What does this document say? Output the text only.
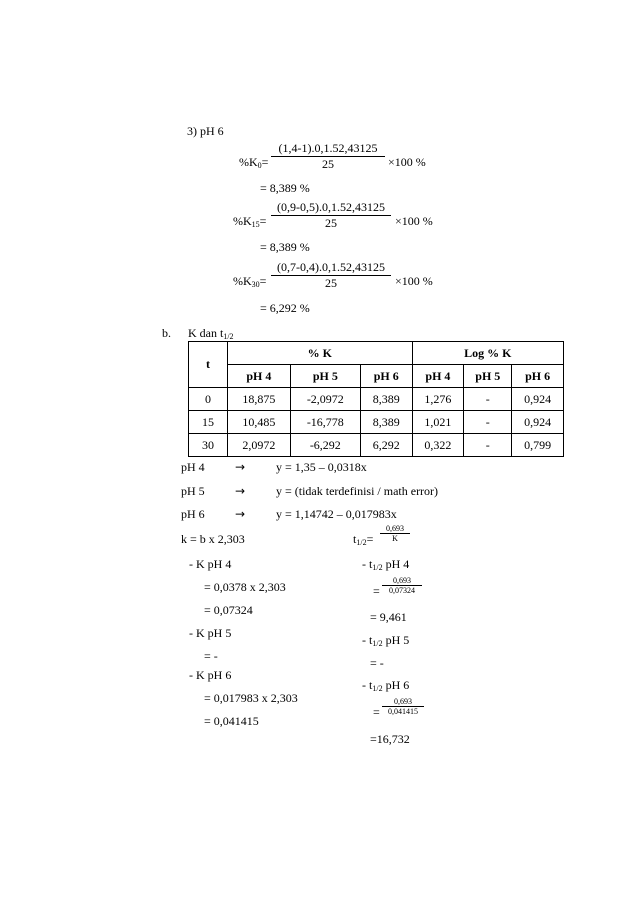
3) pH 6
$\%K_0=$
(1,4-1).0,1.52,43125
25	×100 %
= 8,389 %
$\%K_{15}=$
(0,9-0,5).0,1.52,43125
25	×100 %
= 8,389 %
$\%K_{30}=$
(0,7-0,4).0,1.52,43125
25	×100 %
= 6,292 %
b. K dan $t_{1/2}$
t	% K			Log % K		
	pH 4	pH 5	pH 6	pH 4	pH 5	pH 6
0	18,875	-2,0972	8,389	1,276	-	0,924
15	10,485	-16,778	8,389	1,021	-	0,924
30	2,0972	-6,292	6,292	0,322	-	0,799
pH 4	→	y = 1,35 – 0,0318x
pH 5	→	y = (tidak terdefinisi / math error)
pH 6	→	y = 1,14742 – 0,017983x
k = b x 2,303
- K pH 4
= 0,0378 x 2,303
= 0,07324
- K pH 5
= -
- K pH 6
= 0,017983 x 2,303
= 0,041415
$t_{1/2}=$
0,693
K
- $t_{1/2}$ pH 4
=
0,693
0,07324
= 9,461
- $t_{1/2}$ pH 5
= -
- $t_{1/2}$ pH 6
=
0,693
0,041415
=16,732
